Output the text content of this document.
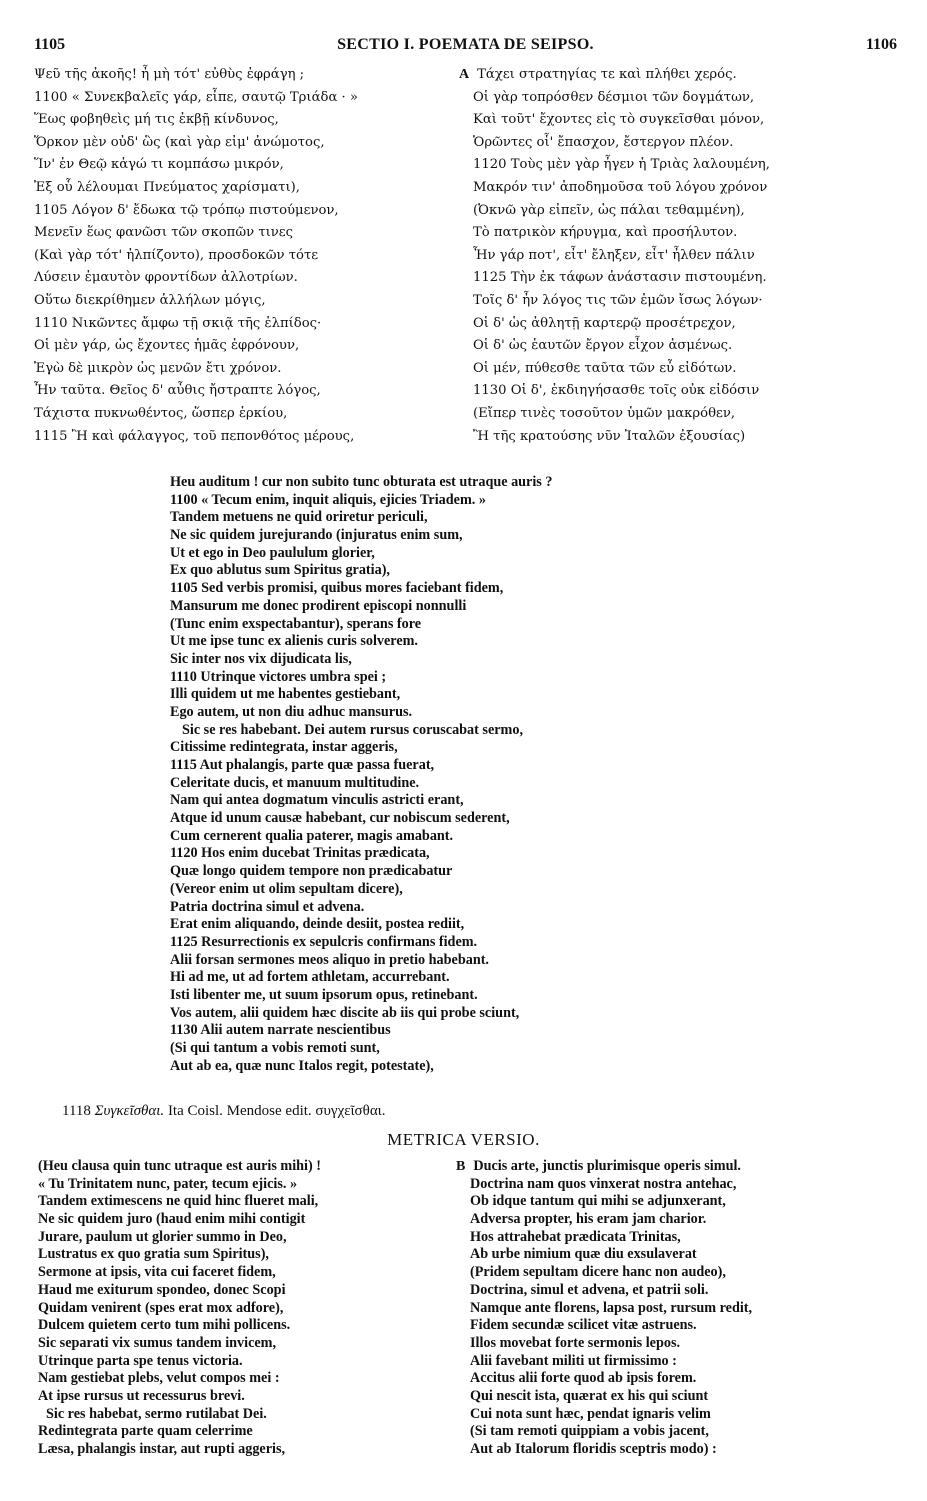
1105	SECTIO I. POEMATA DE SEIPSO.	1106
Ψεῦ τῆς ἀκοῆς! ἦ μὴ τότ' εὐθὺς ἐφράγη ;
1100 « Συνεκβαλεῖς γάρ, εἶπε, σαυτῷ Τριάδα · »
Ἕως φοβηθεὶς μή τις ἐκβῇ κίνδυνος,
Ὅρκον μὲν οὐδ' ὣς (καὶ γὰρ εἰμ' ἀνώμοτος,
Ἵν' ἐν Θεῷ κἀγώ τι κομπάσω μικρόν,
Ἐξ οὗ λέλουμαι Πνεύματος χαρίσματι),
1105 Λόγον δ' ἔδωκα τῷ τρόπῳ πιστούμενον,
Μενεῖν ἕως φανῶσι τῶν σκοπῶν τινες
(Καὶ γὰρ τότ' ἠλπίζοντο), προσδοκῶν τότε
Λύσειν ἐμαυτὸν φροντίδων ἀλλοτρίων.
Οὕτω διεκρίθημεν ἀλλήλων μόγις,
1110 Νικῶντες ἄμφω τῇ σκιᾷ τῆς ἐλπίδος·
Οἱ μὲν γάρ, ὡς ἔχοντες ἡμᾶς ἐφρόνουν,
Ἐγὼ δὲ μικρὸν ὡς μενῶν ἔτι χρόνον.
Ἦν ταῦτα. Θεῖος δ' αὖθις ἤστραπτε λόγος,
Τάχιστα πυκνωθέντος, ὥσπερ ἑρκίου,
1115 Ἢ καὶ φάλαγγος, τοῦ πεπονθότος μέρους,
A Τάχει στρατηγίας τε καὶ πλήθει χερός.
Οἱ γὰρ τοπρόσθεν δέσμιοι τῶν δογμάτων,
Καὶ τοῦτ' ἔχοντες εἰς τὸ συγκεῖσθαι μόνον,
Ὁρῶντες οἷ' ἔπασχον, ἔστεργον πλέον.
1120 Τοὺς μὲν γὰρ ἦγεν ἡ Τριὰς λαλουμένη,
Μακρόν τιν' ἀποδημοῦσα τοῦ λόγου χρόνον
(Ὀκνῶ γὰρ εἰπεῖν, ὡς πάλαι τεθαμμένη),
Τὸ πατρικὸν κήρυγμα, καὶ προσήλυτον.
Ἦν γάρ ποτ', εἶτ' ἔληξεν, εἶτ' ἦλθεν πάλιν
1125 Τὴν ἐκ τάφων ἀνάστασιν πιστουμένη.
Τοῖς δ' ἦν λόγος τις τῶν ἐμῶν ἴσως λόγων·
Οἱ δ' ὡς ἀθλητῇ καρτερῷ προσέτρεχον,
Οἱ δ' ὡς ἑαυτῶν ἔργον εἶχον ἀσμένως.
Οἱ μέν, πύθεσθε ταῦτα τῶν εὖ εἰδότων.
1130 Οἱ δ', ἐκδιηγήσασθε τοῖς οὐκ εἰδόσιν
(Εἴπερ τινὲς τοσοῦτον ὑμῶν μακρόθεν,
Ἢ τῆς κρατούσης νῦν Ἰταλῶν ἐξουσίας)
Heu auditum ! cur non subito tunc obturata est utraque auris ?
1100 « Tecum enim, inquit aliquis, ejicies Triadem. »
Tandem metuens ne quid oriretur periculi,
Ne sic quidem jurejurando (injuratus enim sum,
Ut et ego in Deo paululum glorier,
Ex quo ablutus sum Spiritus gratia),
1105 Sed verbis promisi, quibus mores faciebant fidem,
Mansurum me donec prodirent episcopi nonnulli
(Tunc enim exspectabantur), sperans fore
Ut me ipse tunc ex alienis curis solverem.
Sic inter nos vix dijudicata lis,
1110 Utrinque victores umbra spei ;
Illi quidem ut me habentes gestiebant,
Ego autem, ut non diu adhuc mansurus.
Sic se res habebant. Dei autem rursus coruscabat sermo,
Citissime redintegrata, instar aggeris,
1115 Aut phalangis, parte quæ passa fuerat,
Celeritate ducis, et manuum multitudine.
Nam qui antea dogmatum vinculis astricti erant,
Atque id unum causæ habebant, cur nobiscum sederent,
Cum cernerent qualia paterer, magis amabant.
1120 Hos enim ducebat Trinitas prædicata,
Quæ longo quidem tempore non prædicabatur
(Vereor enim ut olim sepultam dicere),
Patria doctrina simul et advena.
Erat enim aliquando, deinde desiit, postea rediit,
1125 Resurrectionis ex sepulcris confirmans fidem.
Alii forsan sermones meos aliquo in pretio habebant.
Hi ad me, ut ad fortem athletam, accurrebant.
Isti libenter me, ut suum ipsorum opus, retinebant.
Vos autem, alii quidem hæc discite ab iis qui probe sciunt,
1130 Alii autem narrate nescientibus
(Si qui tantum a vobis remoti sunt,
Aut ab ea, quæ nunc Italos regit, potestate),
1118 Συγκεῖσθαι. Ita Coisl. Mendose edit. συγχεῖσθαι.
METRICA VERSIO.
(Heu clausa quin tunc utraque est auris mihi) !
« Tu Trinitatem nunc, pater, tecum ejicis. »
Tandem extimescens ne quid hinc flueret mali,
Ne sic quidem juro (haud enim mihi contigit
Jurare, paulum ut glorier summo in Deo,
Lustratus ex quo gratia sum Spiritus),
Sermone at ipsis, vita cui faceret fidem,
Haud me exiturum spondeo, donec Scopi
Quidam venirent (spes erat mox adfore),
Dulcem quietem certo tum mihi pollicens.
Sic separati vix sumus tandem invicem,
Utrinque parta spe tenus victoria.
Nam gestiebat plebs, velut compos mei :
At ipse rursus ut recessurus brevi.
Sic res habebat, sermo rutilabat Dei.
Redintegrata parte quam celerrime
Læsa, phalangis instar, aut rupti aggeris,
B Ducis arte, junctis plurimisque operis simul.
Doctrina nam quos vinxerat nostra antehac,
Ob idque tantum qui mihi se adjunxerant,
Adversa propter, his eram jam charior.
Hos attrahebat prædicata Trinitas,
Ab urbe nimium quæ diu exsulaverat
(Pridem sepultam dicere hanc non audeo),
Doctrina, simul et advena, et patrii soli.
Namque ante florens, lapsa post, rursum redit,
Fidem secundæ scilicet vitæ astruens.
Illos movebat forte sermonis lepos.
Alii favebant militi ut firmissimo :
Accitus alii forte quod ab ipsis forem.
Qui nescit ista, quærat ex his qui sciunt
Cui nota sunt hæc, pendat ignaris velim
(Si tam remoti quippiam a vobis jacent,
Aut ab Italorum floridis sceptris modo) :
